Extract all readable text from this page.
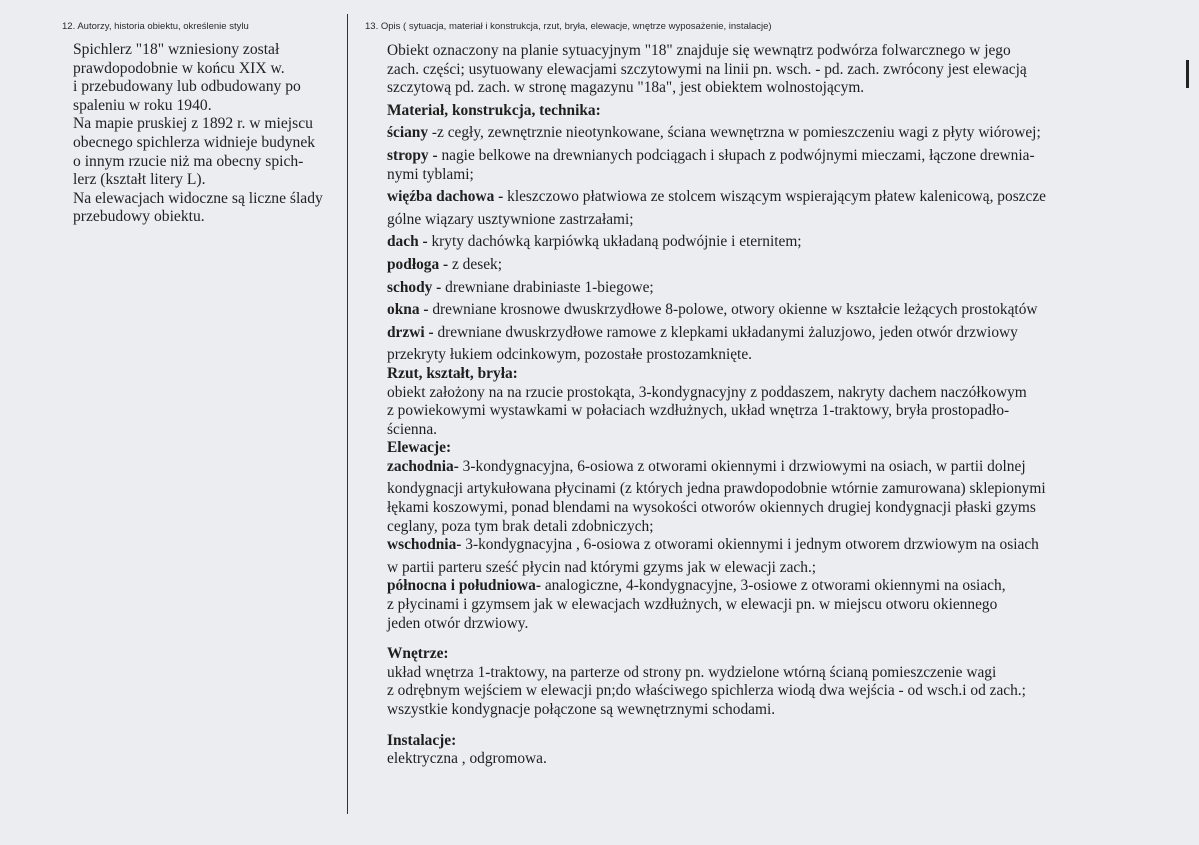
12. Autorzy, historia obiektu, określenie stylu	13. Opis ( sytuacja, materiał i konstrukcja, rzut, bryła, elewacje, wnętrze wyposażenie, instalacje)
Spichlerz "18" wzniesiony został
prawdopodobnie w końcu XIX w.
i przebudowany lub odbudowany po
spaleniu w roku 1940.
Na mapie pruskiej z 1892 r. w miejscu
obecnego spichlerza widnieje budynek
o innym rzucie niż ma obecny spich-
lerz (kształt litery L).
Na elewacjach widoczne są liczne ślady
przebudowy obiektu.
Obiekt oznaczony na planie sytuacyjnym "18" znajduje się wewnątrz podwórza folwarcznego w jego
zach. części; usytuowany elewacjami szczytowymi na linii pn. wsch. - pd. zach. zwrócony jest elewacją
szczytową pd. zach. w stronę magazynu "18a", jest obiektem wolnostojącym.
Materiał, konstrukcja, technika:
ściany -z cegły, zewnętrznie nieotynkowane, ściana wewnętrzna w pomieszczeniu wagi z płyty wiórowej;
stropy - nagie belkowe na drewnianych podciągach i słupach z podwójnymi mieczami, łączone drewnia-
nymi tyblami;
więźba dachowa - kleszczowo płatwiowa ze stolcem wiszącym wspierającym płatew kalenicową, poszcze
gólne wiązary usztywnione zastrzałami;
dach - kryty dachówką karpiówką układaną podwójnie i eternitem;
podłoga - z desek;
schody - drewniane drabiniaste 1-biegowe;
okna - drewniane krosnowe dwuskrzydłowe 8-polowe, otwory okienne w kształcie leżących prostokątów
drzwi - drewniane dwuskrzydłowe ramowe z klepkami układanymi żaluzjowo, jeden otwór drzwiowy
przekryty łukiem odcinkowym, pozostałe prostozamknięte.
Rzut, kształt, bryła:
obiekt założony na na rzucie prostokąta, 3-kondygnacyjny z poddaszem, nakryty dachem naczółkowym
z powiekowymi wystawkami w połaciach wzdłużnych, układ wnętrza 1-traktowy, bryła prostopadło-
ścienna.
Elewacje:
zachodnia- 3-kondygnacyjna, 6-osiowa z otworami okiennymi i drzwiowymi na osiach, w partii dolnej
kondygnacji artykułowana płycinami (z których jedna prawdopodobnie wtórnie zamurowana) sklepionymi
łękami koszowymi, ponad blendami na wysokości otworów okiennych drugiej kondygnacji płaski gzyms
ceglany, poza tym brak detali zdobniczych;
wschodnia- 3-kondygnacyjna , 6-osiowa z otworami okiennymi i jednym otworem drzwiowym na osiach
w partii parteru sześć płycin nad którymi gzyms jak w elewacji zach.;
północna i południowa- analogiczne, 4-kondygnacyjne, 3-osiowe z otworami okiennymi na osiach,
z płycinami i gzymsem jak w elewacjach wzdłużnych, w elewacji pn. w miejscu otworu okiennego
jeden otwór drzwiowy.
Wnętrze:
układ wnętrza 1-traktowy, na parterze od strony pn. wydzielone wtórną ścianą pomieszczenie wagi
z odrębnym wejściem w elewacji pn;do właściwego spichlerza wiodą dwa wejścia - od wsch.i od zach.;
wszystkie kondygnacje połączone są wewnętrznymi schodami.
Instalacje:
elektryczna , odgromowa.
